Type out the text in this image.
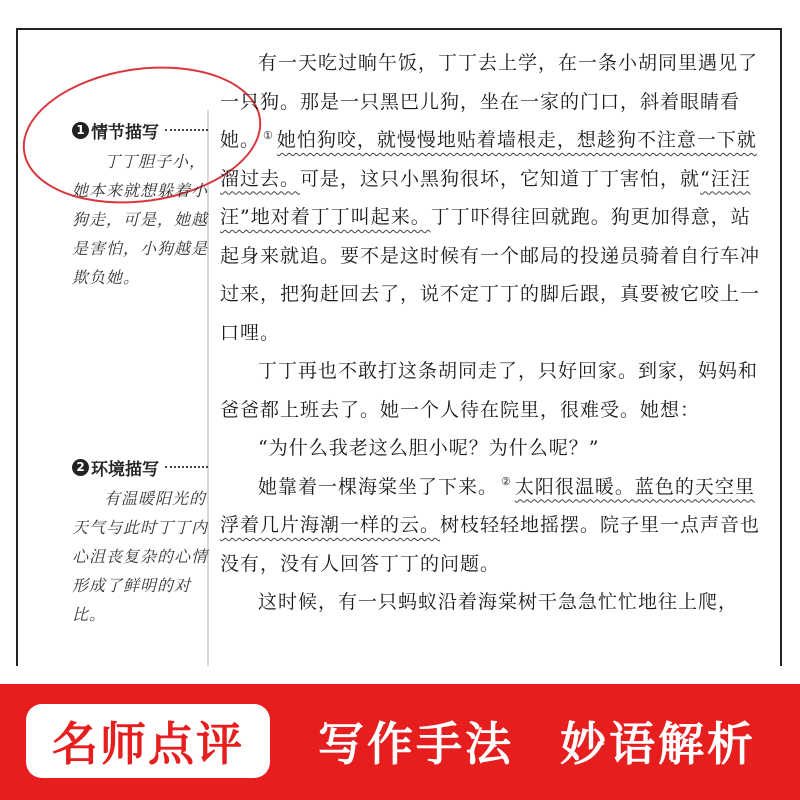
1 情节描写
丁丁胆子小，她本来就想躲着小狗走，可是，她越是害怕，小狗越是欺负她。
2 环境描写
有温暖阳光的天气与此时丁丁内心沮丧复杂的心情形成了鲜明的对比。

有一天吃过晌午饭，丁丁去上学，在一条小胡同里遇见了一只狗。那是一只黑巴儿狗，坐在一家的门口，斜着眼睛看她。 ① 她怕狗咬，就慢慢地贴着墙根走，想趁狗不注意一下就溜过去。可是，这只小黑狗很坏，它知道丁丁害怕，就“汪汪汪”地对着丁丁叫起来。丁丁吓得往回就跑。狗更加得意，站起身来就追。要不是这时候有一个邮局的投递员骑着自行车冲过来，把狗赶回去了，说不定丁丁的脚后跟，真要被它咬上一口哩。

丁丁再也不敢打这条胡同走了，只好回家。到家，妈妈和爸爸都上班去了。她一个人待在院里，很难受。她想：

“为什么我老这么胆小呢？为什么呢？”

她靠着一棵海棠坐了下来。 ② 太阳很温暖。蓝色的天空里浮着几片海潮一样的云。树枝轻轻地摇摆。院子里一点声音也没有，没有人回答丁丁的问题。

这时候，有一只蚂蚁沿着海棠树干急急忙忙地往上爬，

名师点评	写作手法 妙语解析
